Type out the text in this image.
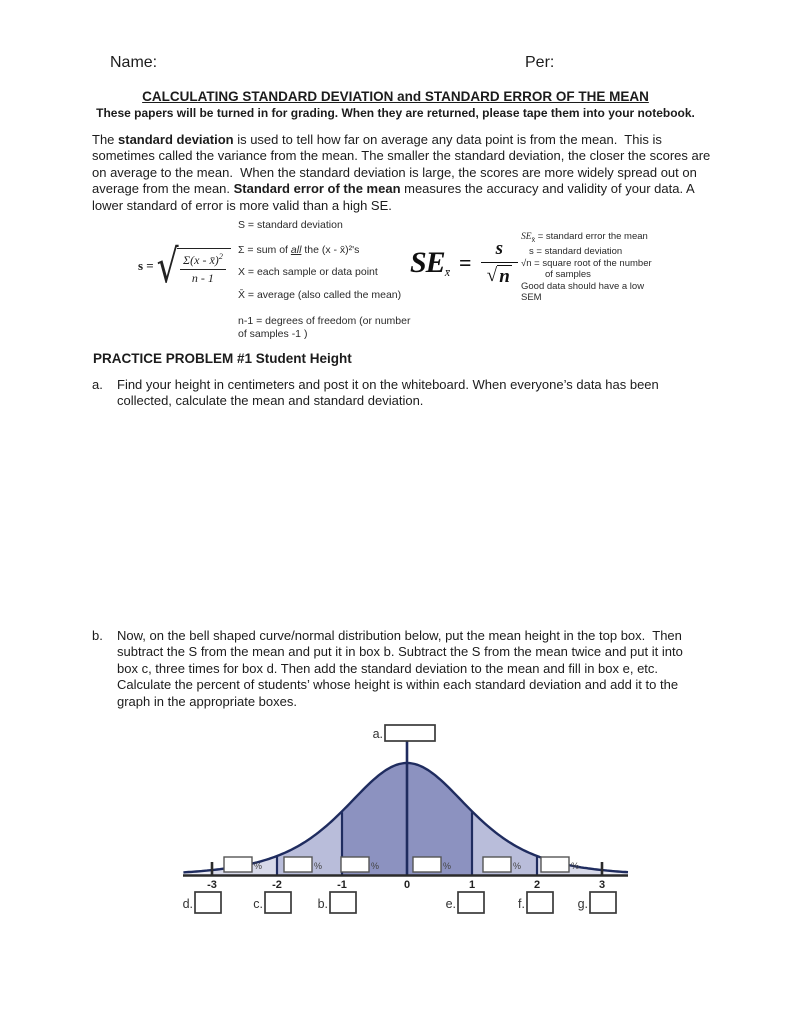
Name:	Per:
CALCULATING STANDARD DEVIATION and STANDARD ERROR OF THE MEAN
These papers will be turned in for grading. When they are returned, please tape them into your notebook.
The standard deviation is used to tell how far on average any data point is from the mean.  This is sometimes called the variance from the mean. The smaller the standard deviation, the closer the scores are on average to the mean.  When the standard deviation is large, the scores are more widely spread out on average from the mean. Standard error of the mean measures the accuracy and validity of your data. A lower standard of error is more valid than a high SE.
s = √ $\frac{\Sigma(x - x̄)^2}{n - 1}$
S = standard deviation
Σ = sum of all the (x - x̄)²'s
X = each sample or data point
X̄ = average (also called the mean)
n-1 = degrees of freedom (or number
of samples -1 )
$SE_{x̄} = \frac{s}{√ n}$
$SE_{x̄}$ = standard error the mean
s = standard deviation
√n = square root of the number
of samples
Good data should have a low
SEM
PRACTICE PROBLEM #1 Student Height
a. Find your height in centimeters and post it on the whiteboard. When everyone’s data has been collected, calculate the mean and standard deviation.
b. Now, on the bell shaped curve/normal distribution below, put the mean height in the top box.  Then subtract the S from the mean and put it in box b. Subtract the S from the mean twice and put it into box c, three times for box d. Then add the standard deviation to the mean and fill in box e, etc. Calculate the percent of students’ whose height is within each standard deviation and add it to the graph in the appropriate boxes.
a.
%	%	%	%	%	%
-3	-2	-1	0	1	2	3
d.	c.	b.	e.	f.	g.
